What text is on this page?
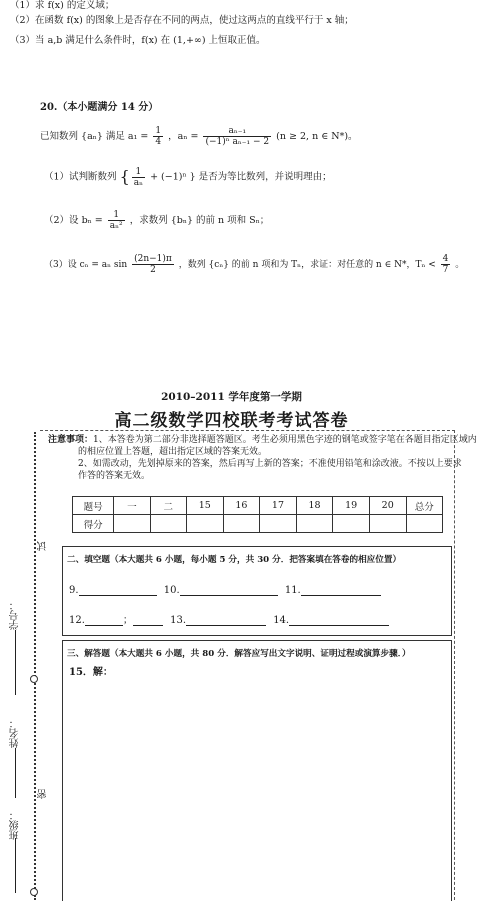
（1）求 f(x) 的定义域；
（2）在函数 f(x) 的图象上是否存在不同的两点，使过这两点的直线平行于 x 轴；
（3）当 a,b 满足什么条件时，f(x) 在 (1,+∞) 上恒取正值。
20.（本小题满分 14 分）
已知数列 {aₙ} 满足 $a_1 = \frac{1}{4}$ ，$a_n = \frac{\text{aₙ₋₁}}{\text{(−1)ⁿ aₙ₋₁ − 2}} (n \ge 2$, n ∈ N*)。
（1）试判断数列 { $\frac{1}{\text{aₙ}} + (-1)^n$ } 是否为等比数列，并说明理由；
（2）设 $b_n = \frac{1}{\text{aₙ²}}$ ，求数列 {bₙ} 的前 n 项和 Sₙ；
（3）设 cₙ = aₙ $\sin \frac{(2n-1)\pi}{2}$ ，数列 {cₙ} 的前 n 项和为 Tₙ，求证：对任意的 n ∈ N*，$T_n < \frac{4}{7}$ 。
2010–2011 学年度第一学期
高二级数学四校联考考试答卷
注意事项：1、本答卷为第二部分非选择题答题区。考生必须用黑色字迹的钢笔或签字笔在各题目指定区域内
的相应位置上答题，超出指定区域的答案无效。
2、如需改动，先划掉原来的答案，然后再写上新的答案；不准使用铅笔和涂改液。不按以上要求
作答的答案无效。
题号	一	二	15	16	17	18	19	20	总分
得分									
二、填空题（本大题共 6 小题，每小题 5 分，共 30 分．把答案填在答卷的相应位置）
9.	10.	11.
12.	；	13.	14.
三、解答题（本大题共 6 小题，共 80 分．解答应写出文字说明、证明过程或演算步骤．）
15．解：
试
密
学号：
姓名：
班级：
